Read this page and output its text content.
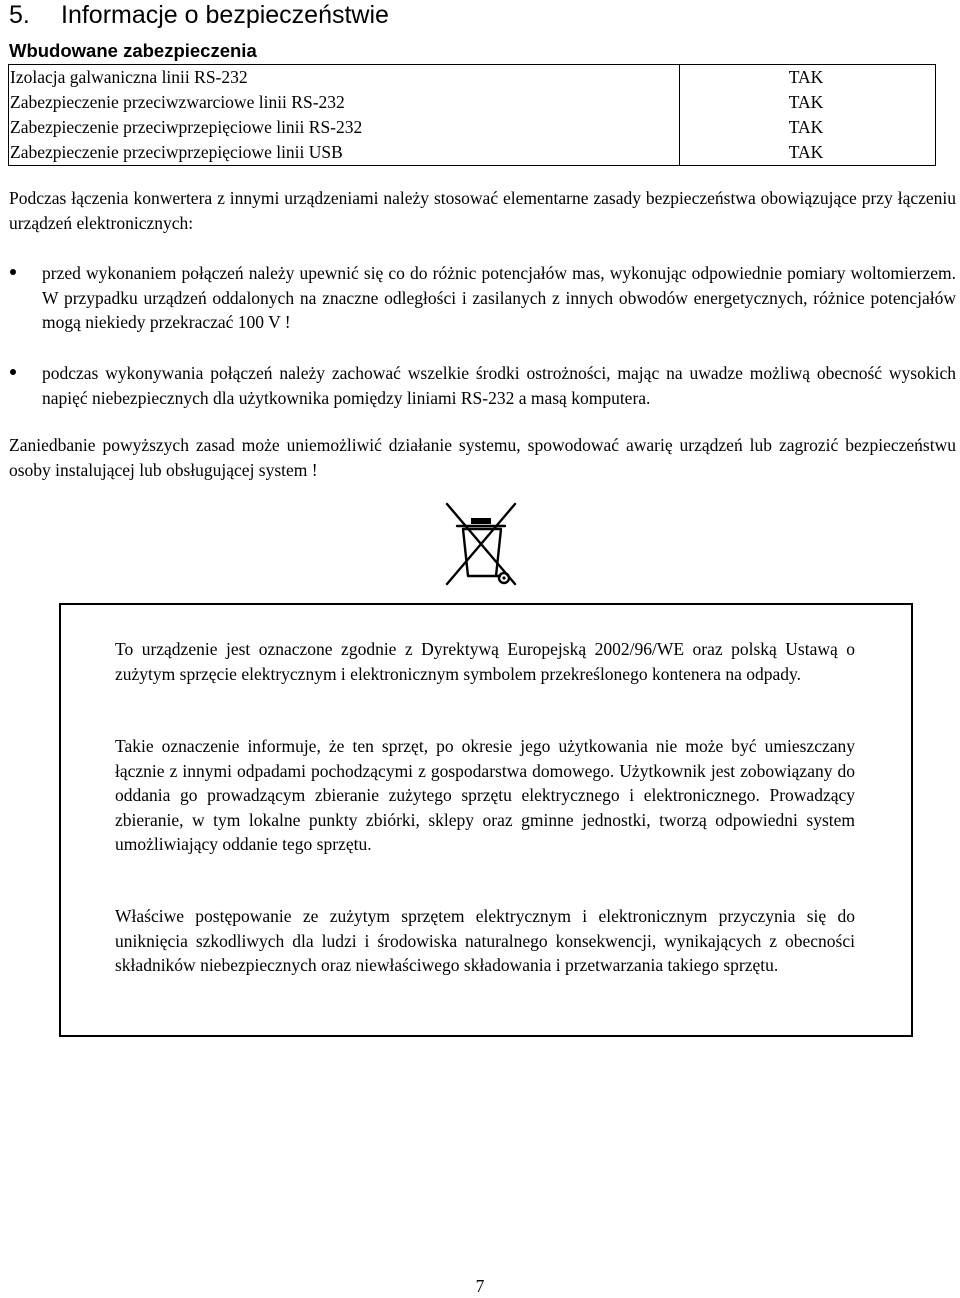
5. Informacje o bezpieczeństwie
Wbudowane zabezpieczenia
Izolacja galwaniczna linii RS-232	TAK
Zabezpieczenie przeciwzwarciowe linii RS-232	TAK
Zabezpieczenie przeciwprzepięciowe linii RS-232	TAK
Zabezpieczenie przeciwprzepięciowe linii USB	TAK
Podczas łączenia konwertera z innymi urządzeniami należy stosować elementarne zasady bezpieczeństwa obowiązujące przy łączeniu urządzeń elektronicznych:
przed wykonaniem połączeń należy upewnić się co do różnic potencjałów mas, wykonując odpowiednie pomiary woltomierzem. W przypadku urządzeń oddalonych na znaczne odległości i zasilanych z innych obwodów energetycznych, różnice potencjałów mogą niekiedy przekraczać 100 V !
podczas wykonywania połączeń należy zachować wszelkie środki ostrożności, mając na uwadze możliwą obecność wysokich napięć niebezpiecznych dla użytkownika pomiędzy liniami RS-232 a masą komputera.
Zaniedbanie powyższych zasad może uniemożliwić działanie systemu, spowodować awarię urządzeń lub zagrozić bezpieczeństwu osoby instalującej lub obsługującej system !
To urządzenie jest oznaczone zgodnie z Dyrektywą Europejską 2002/96/WE oraz polską Ustawą o zużytym sprzęcie elektrycznym i elektronicznym symbolem przekreślonego kontenera na odpady.
Takie oznaczenie informuje, że ten sprzęt, po okresie jego użytkowania nie może być umieszczany łącznie z innymi odpadami pochodzącymi z gospodarstwa domowego. Użytkownik jest zobowiązany do oddania go prowadzącym zbieranie zużytego sprzętu elektrycznego i elektronicznego. Prowadzący zbieranie, w tym lokalne punkty zbiórki, sklepy oraz gminne jednostki, tworzą odpowiedni system umożliwiający oddanie tego sprzętu.
Właściwe postępowanie ze zużytym sprzętem elektrycznym i elektronicznym przyczynia się do uniknięcia szkodliwych dla ludzi i środowiska naturalnego konsekwencji, wynikających z obecności składników niebezpiecznych oraz niewłaściwego składowania i przetwarzania takiego sprzętu.
7
